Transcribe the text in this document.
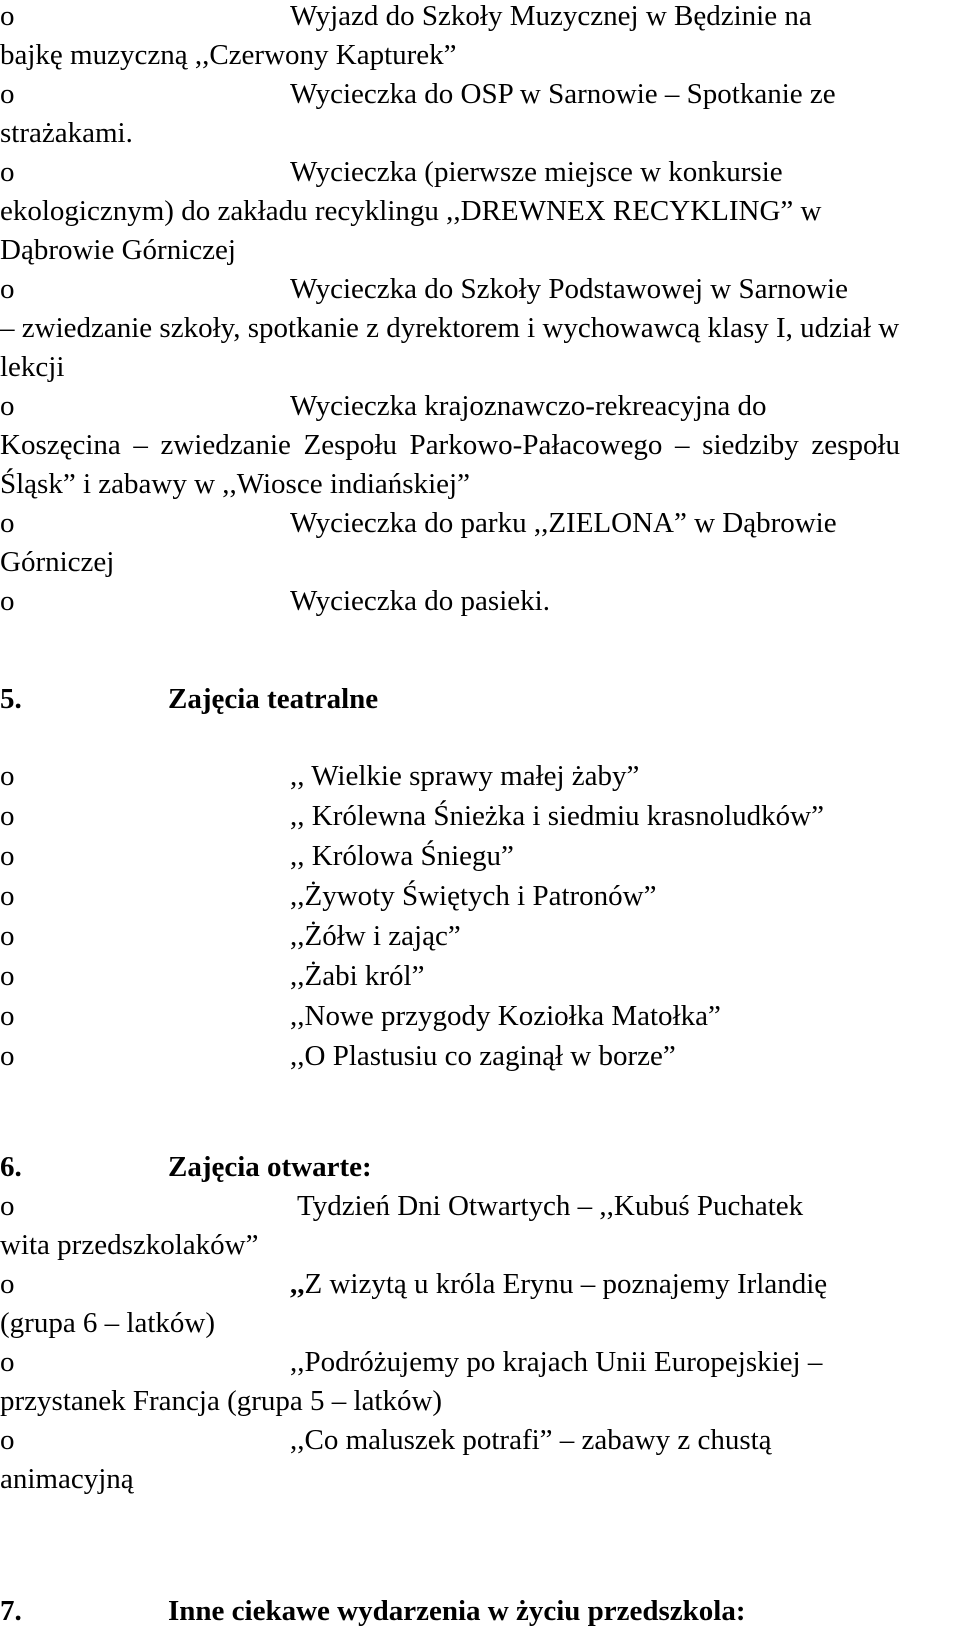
o	Wyjazd do Szkoły Muzycznej w Będzinie na
bajkę muzyczną ,,Czerwony Kapturek”
o	Wycieczka do OSP w Sarnowie – Spotkanie ze
strażakami.
o	Wycieczka (pierwsze miejsce w konkursie
ekologicznym) do zakładu recyklingu ,,DREWNEX RECYKLING” w Dąbrowie Górniczej
o	Wycieczka do Szkoły Podstawowej w Sarnowie
– zwiedzanie szkoły, spotkanie z dyrektorem i wychowawcą klasy I, udział w lekcji
o	Wycieczka krajoznawczo-rekreacyjna do
Koszęcina – zwiedzanie Zespołu Parkowo-Pałacowego – siedziby zespołu Śląsk” i zabawy w ,,Wiosce indiańskiej”
o	Wycieczka do parku ,,ZIELONA” w Dąbrowie
Górniczej
o	Wycieczka do pasieki.
5.	Zajęcia teatralne
o	,, Wielkie sprawy małej żaby”
o	,, Królewna Śnieżka i siedmiu krasnoludków”
o	,, Królowa Śniegu”
o	,,Żywoty Świętych i Patronów”
o	,,Żółw i zając”
o	,,Żabi król”
o	,,Nowe przygody Koziołka Matołka”
o	,,O Plastusiu co zaginął w borze”
6.	Zajęcia otwarte:
o	Tydzień Dni Otwartych – ,,Kubuś Puchatek
wita przedszkolaków”
o	,,Z wizytą u króla Erynu – poznajemy Irlandię
(grupa 6 – latków)
o	,,Podróżujemy po krajach Unii Europejskiej –
przystanek Francja (grupa 5 – latków)
o	,,Co maluszek potrafi” – zabawy z chustą
animacyjną
7.	Inne ciekawe wydarzenia w życiu przedszkola:
